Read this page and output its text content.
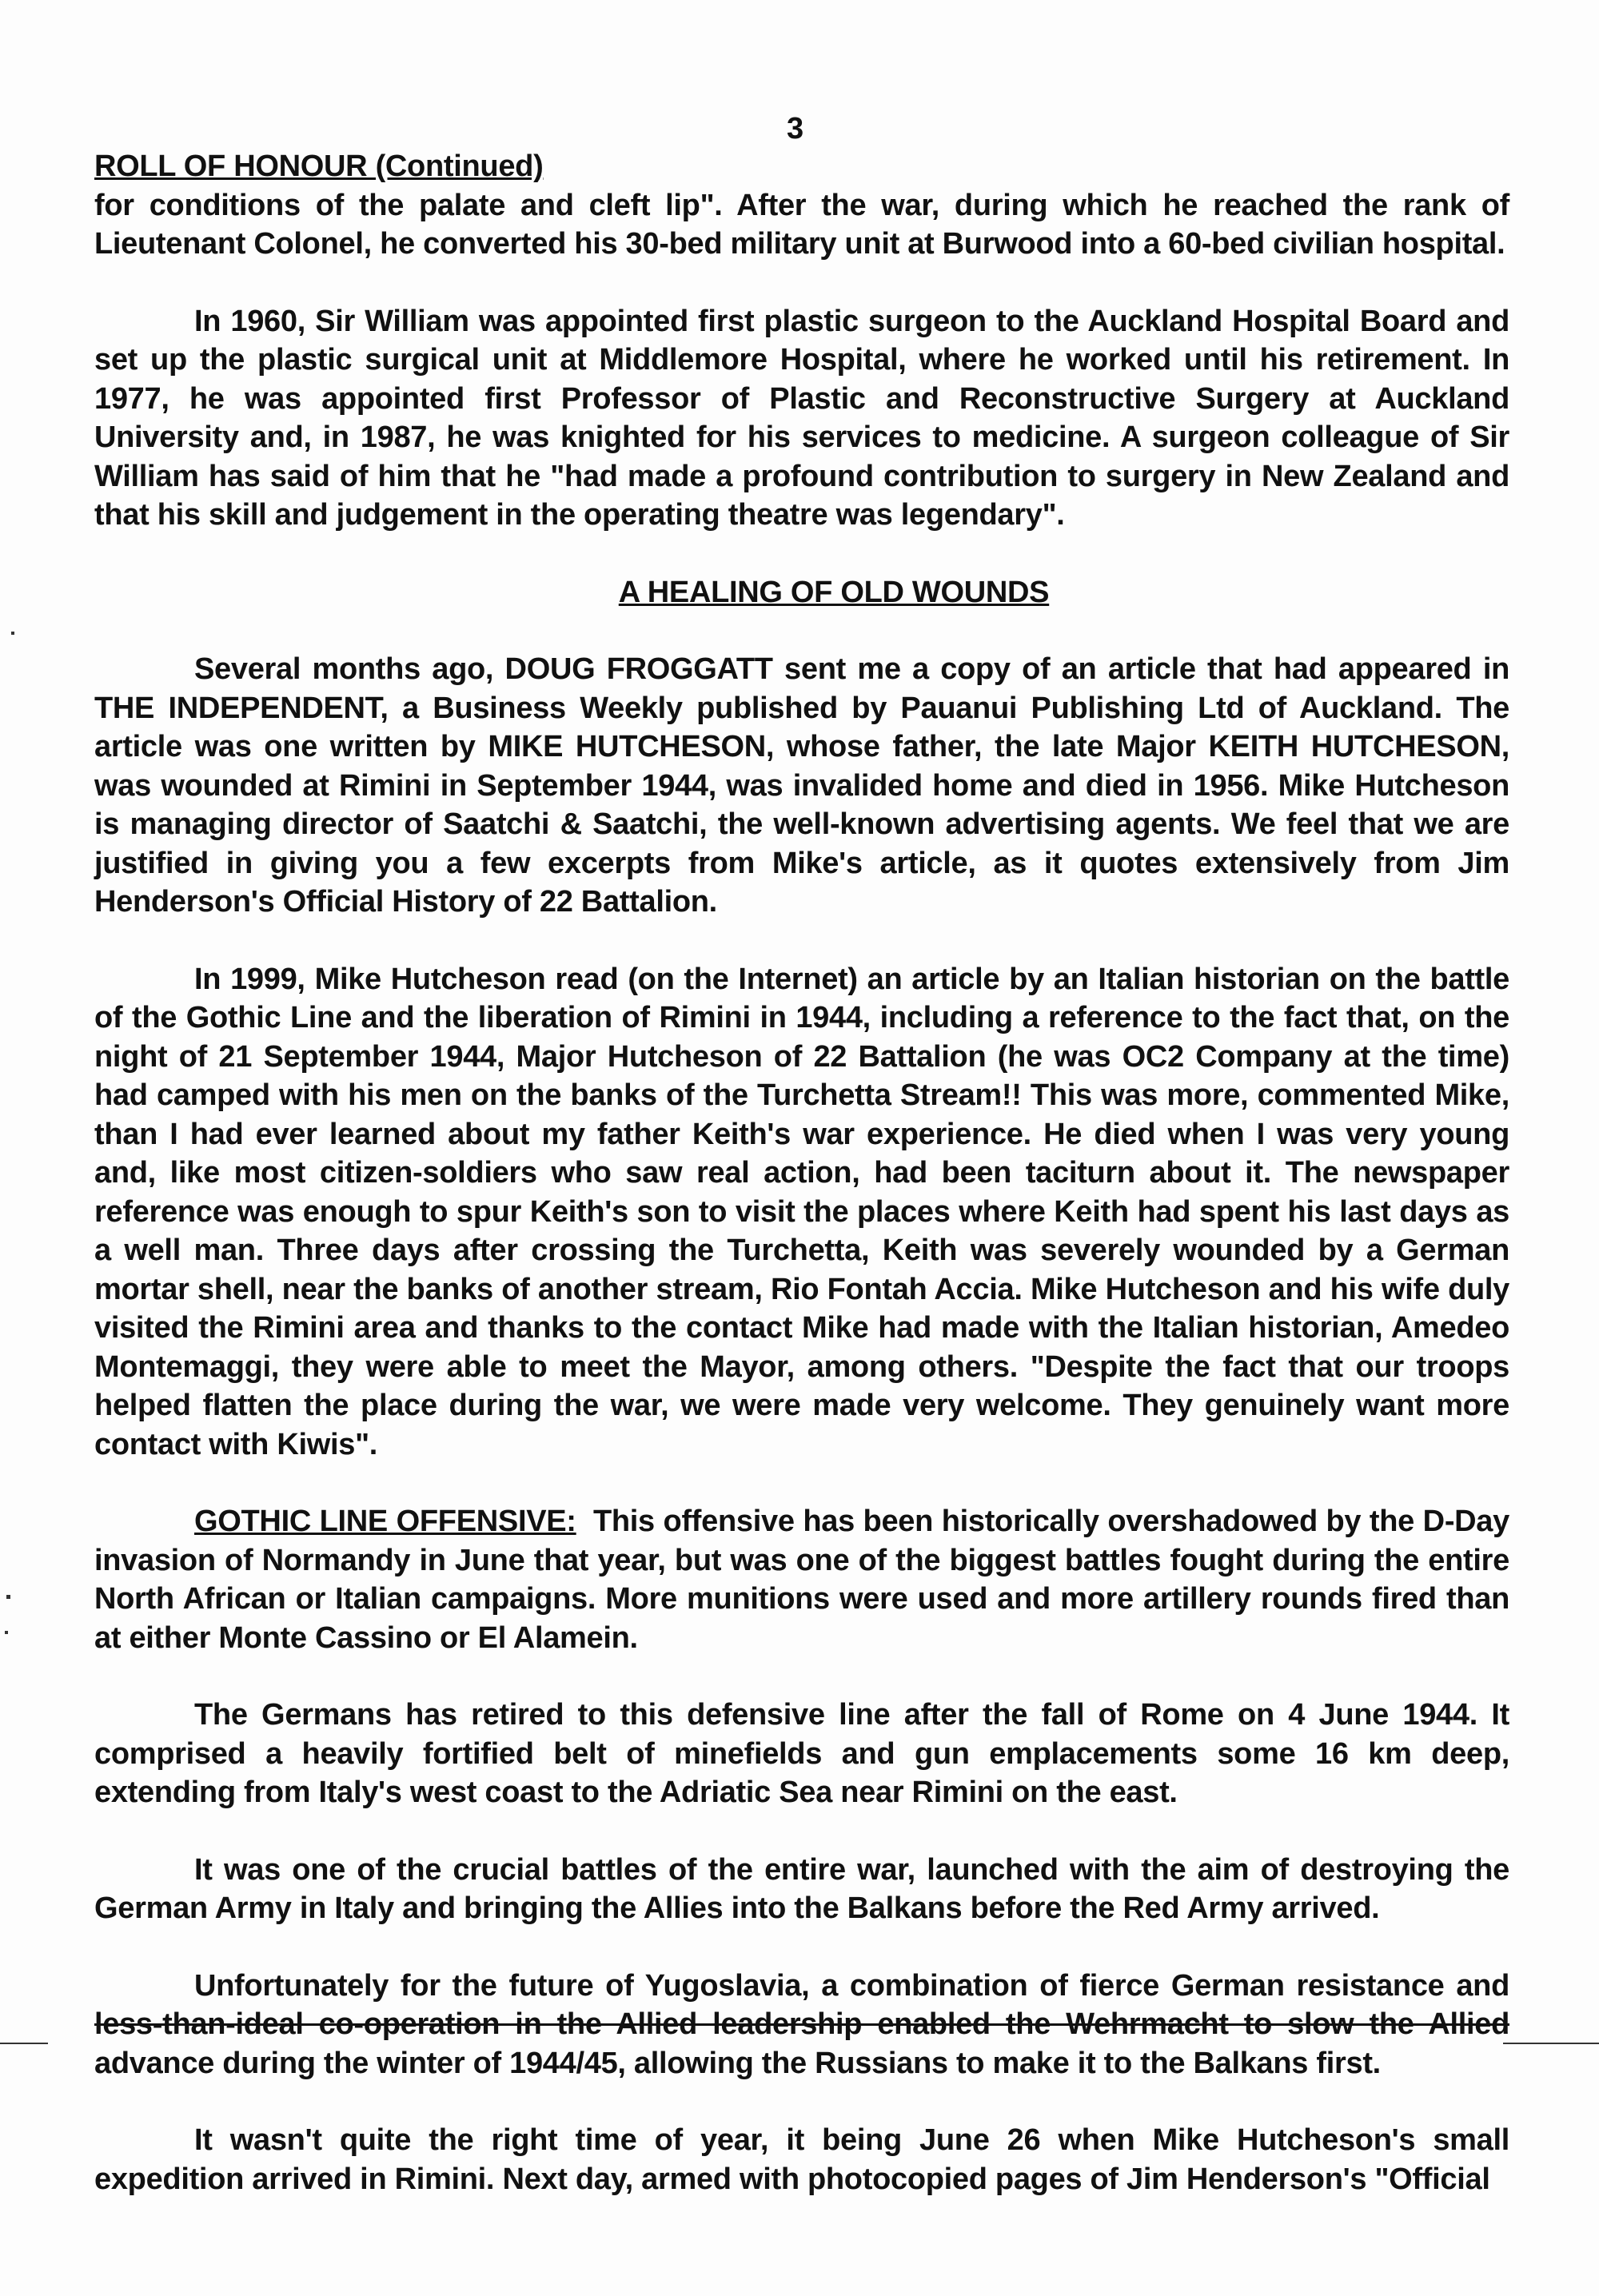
3
ROLL OF HONOUR (Continued)

for conditions of the palate and cleft lip". After the war, during which he reached the rank of Lieutenant Colonel, he converted his 30-bed military unit at Burwood into a 60-bed civilian hospital.

In 1960, Sir William was appointed first plastic surgeon to the Auckland Hospital Board and set up the plastic surgical unit at Middlemore Hospital, where he worked until his retirement. In 1977, he was appointed first Professor of Plastic and Reconstructive Surgery at Auckland University and, in 1987, he was knighted for his services to medicine. A surgeon colleague of Sir William has said of him that he "had made a profound contribution to surgery in New Zealand and that his skill and judgement in the operating theatre was legendary".

A HEALING OF OLD WOUNDS

Several months ago, DOUG FROGGATT sent me a copy of an article that had appeared in THE INDEPENDENT, a Business Weekly published by Pauanui Publishing Ltd of Auckland. The article was one written by MIKE HUTCHESON, whose father, the late Major KEITH HUTCHESON, was wounded at Rimini in September 1944, was invalided home and died in 1956. Mike Hutcheson is managing director of Saatchi & Saatchi, the well-known advertising agents. We feel that we are justified in giving you a few excerpts from Mike's article, as it quotes extensively from Jim Henderson's Official History of 22 Battalion.

In 1999, Mike Hutcheson read (on the Internet) an article by an Italian historian on the battle of the Gothic Line and the liberation of Rimini in 1944, including a reference to the fact that, on the night of 21 September 1944, Major Hutcheson of 22 Battalion (he was OC2 Company at the time) had camped with his men on the banks of the Turchetta Stream!! This was more, commented Mike, than I had ever learned about my father Keith's war experience. He died when I was very young and, like most citizen-soldiers who saw real action, had been taciturn about it. The newspaper reference was enough to spur Keith's son to visit the places where Keith had spent his last days as a well man. Three days after crossing the Turchetta, Keith was severely wounded by a German mortar shell, near the banks of another stream, Rio Fontah Accia. Mike Hutcheson and his wife duly visited the Rimini area and thanks to the contact Mike had made with the Italian historian, Amedeo Montemaggi, they were able to meet the Mayor, among others. "Despite the fact that our troops helped flatten the place during the war, we were made very welcome. They genuinely want more contact with Kiwis".

GOTHIC LINE OFFENSIVE: This offensive has been historically overshadowed by the D-Day invasion of Normandy in June that year, but was one of the biggest battles fought during the entire North African or Italian campaigns. More munitions were used and more artillery rounds fired than at either Monte Cassino or El Alamein.

The Germans has retired to this defensive line after the fall of Rome on 4 June 1944. It comprised a heavily fortified belt of minefields and gun emplacements some 16 km deep, extending from Italy's west coast to the Adriatic Sea near Rimini on the east.

It was one of the crucial battles of the entire war, launched with the aim of destroying the German Army in Italy and bringing the Allies into the Balkans before the Red Army arrived.

Unfortunately for the future of Yugoslavia, a combination of fierce German resistance and less-than-ideal co-operation in the Allied leadership enabled the Wehrmacht to slow the Allied advance during the winter of 1944/45, allowing the Russians to make it to the Balkans first.

It wasn't quite the right time of year, it being June 26 when Mike Hutcheson's small expedition arrived in Rimini. Next day, armed with photocopied pages of Jim Henderson's "Official
